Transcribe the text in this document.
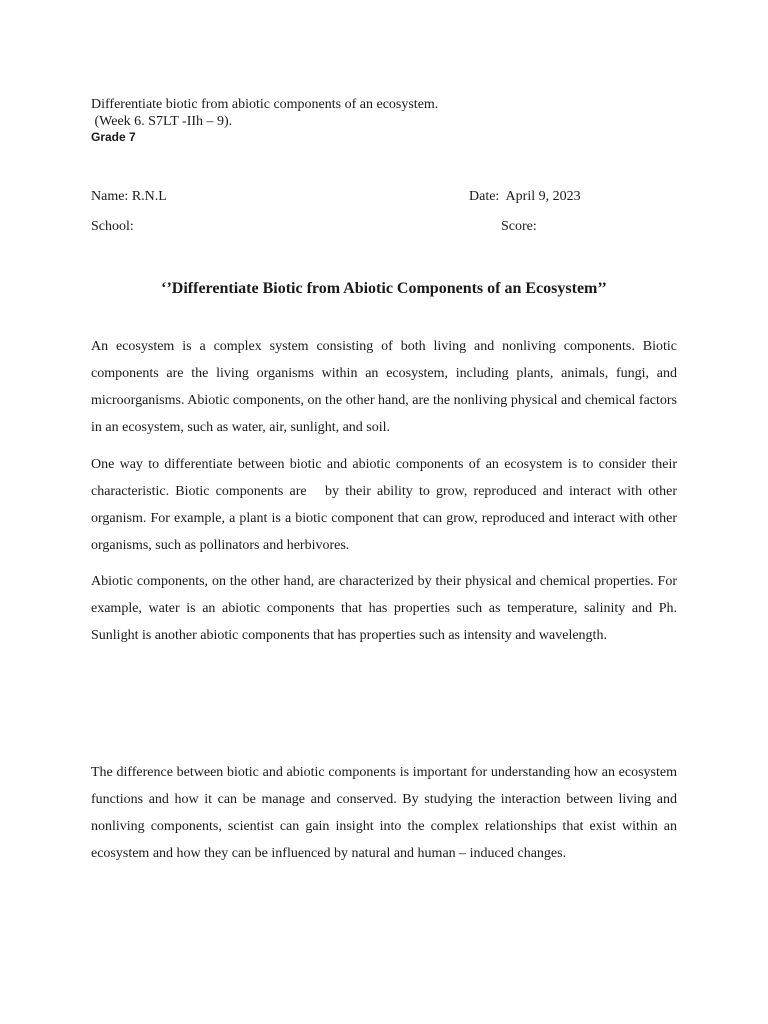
Differentiate biotic from abiotic components of an ecosystem.
(Week 6. S7LT -IIh – 9).
Grade 7
Name: R.N.L	Date:  April 9, 2023
School:	Score:
‘’Differentiate Biotic from Abiotic Components of an Ecosystem’’

An ecosystem is a complex system consisting of both living and nonliving components. Biotic components are the living organisms within an ecosystem, including plants, animals, fungi, and microorganisms. Abiotic components, on the other hand, are the nonliving physical and chemical factors in an ecosystem, such as water, air, sunlight, and soil.

One way to differentiate between biotic and abiotic components of an ecosystem is to consider their characteristic. Biotic components are   by their ability to grow, reproduced and interact with other organism. For example, a plant is a biotic component that can grow, reproduced and interact with other organisms, such as pollinators and herbivores.

Abiotic components, on the other hand, are characterized by their physical and chemical properties. For example, water is an abiotic components that has properties such as temperature, salinity and Ph. Sunlight is another abiotic components that has properties such as intensity and wavelength.

The difference between biotic and abiotic components is important for understanding how an ecosystem functions and how it can be manage and conserved. By studying the interaction between living and nonliving components, scientist can gain insight into the complex relationships that exist within an ecosystem and how they can be influenced by natural and human – induced changes.
